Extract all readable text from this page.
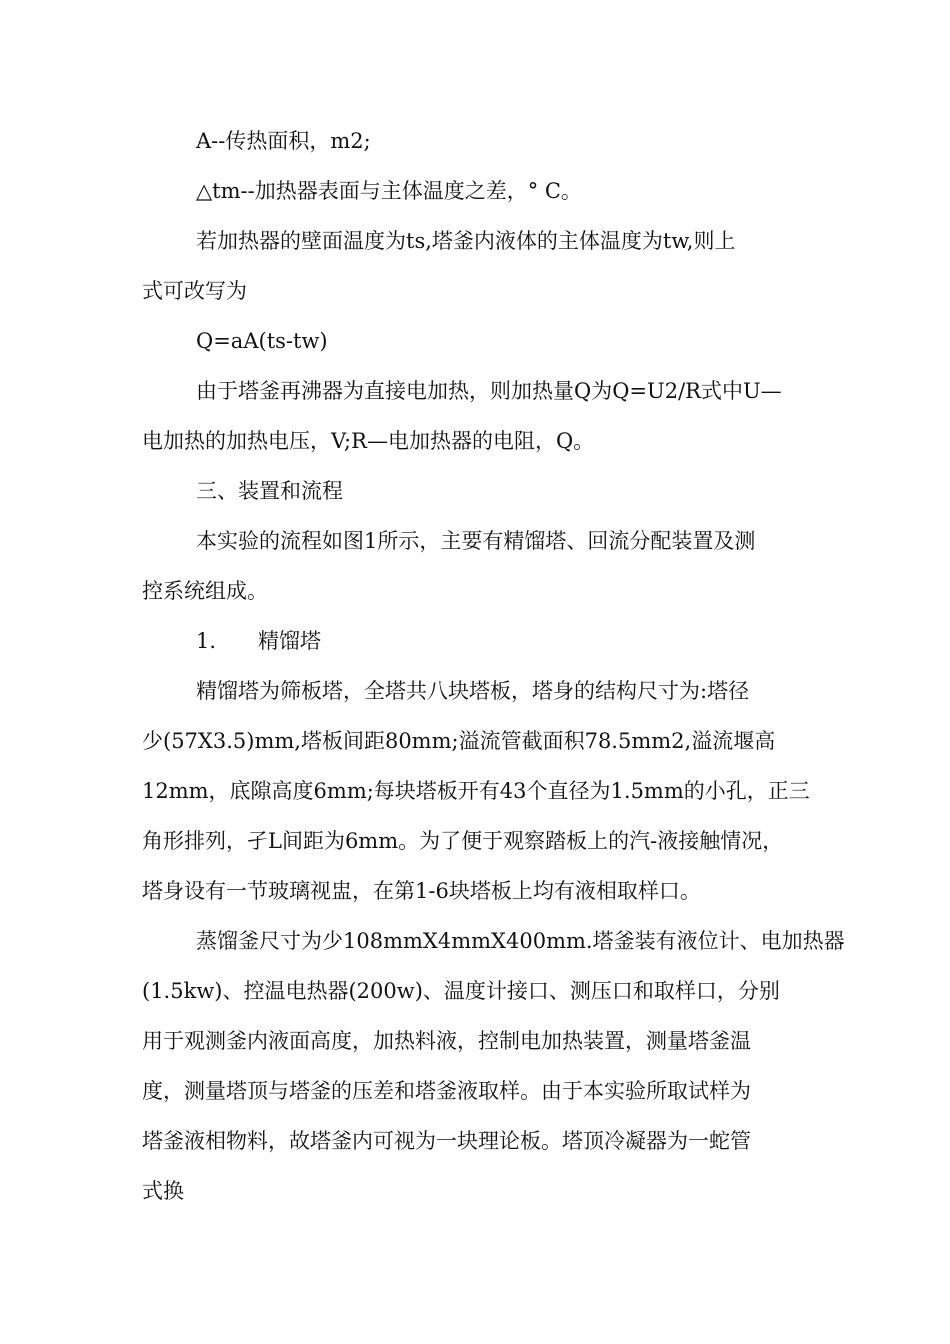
A--传热面积，m2;
△tm--加热器表面与主体温度之差，° C。
若加热器的壁面温度为ts,塔釜内液体的主体温度为tw,则上
式可改写为
Q=aA(ts-tw)
由于塔釜再沸器为直接电加热，则加热量Q为Q=U2/R式中U—
电加热的加热电压，V;R—电加热器的电阻，Q。
三、装置和流程
本实验的流程如图1所示，主要有精馏塔、回流分配装置及测
控系统组成。
1.　　精馏塔
精馏塔为筛板塔，全塔共八块塔板，塔身的结构尺寸为:塔径
少(57X3.5)mm,塔板间距80mm;溢流管截面积78.5mm2,溢流堰高
12mm，底隙高度6mm;每块塔板开有43个直径为1.5mm的小孔，正三
角形排列，孑L间距为6mm。为了便于观察踏板上的汽-液接触情况，
塔身设有一节玻璃视盅，在第1-6块塔板上均有液相取样口。
蒸馏釜尺寸为少108mmX4mmX400mm.塔釜装有液位计、电加热器
(1.5kw)、控温电热器(200w)、温度计接口、测压口和取样口，分别
用于观测釜内液面高度，加热料液，控制电加热装置，测量塔釜温
度，测量塔顶与塔釜的压差和塔釜液取样。由于本实验所取试样为
塔釜液相物料，故塔釜内可视为一块理论板。塔顶冷凝器为一蛇管
式换
